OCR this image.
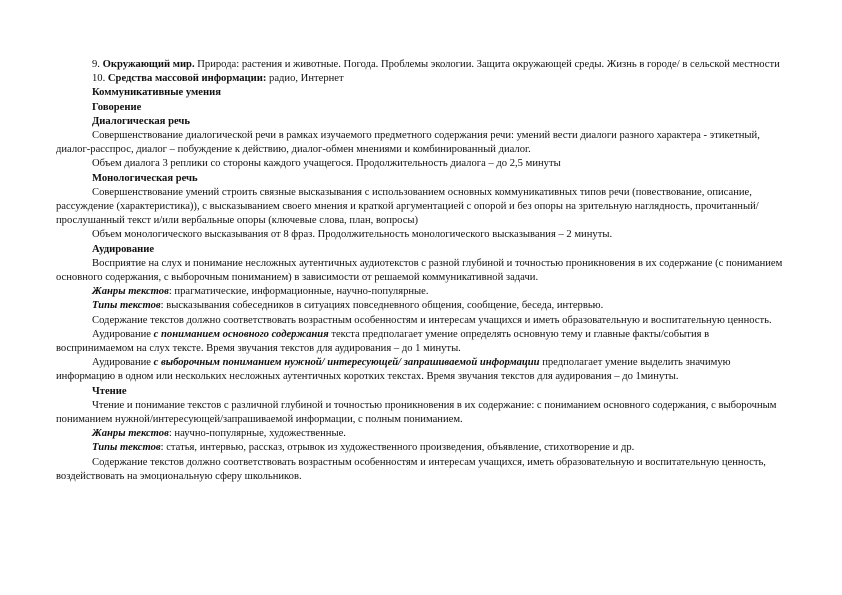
9. Окружающий мир. Природа: растения и животные. Погода. Проблемы экологии. Защита окружающей среды. Жизнь в городе/ в сельской местности

10. Средства массовой информации: радио, Интернет

Коммуникативные умения

Говорение

Диалогическая речь

Совершенствование диалогической речи в рамках изучаемого предметного содержания речи: умений вести диалоги разного характера - этикетный, диалог-расспрос, диалог – побуждение к действию, диалог-обмен мнениями и комбинированный диалог.

Объем диалога 3 реплики со стороны каждого учащегося. Продолжительность диалога – до 2,5 минуты

Монологическая речь

Совершенствование умений строить связные высказывания с использованием основных коммуникативных типов речи (повествование, описание, рассуждение (характеристика)), с высказыванием своего мнения и краткой аргументацией с опорой и без опоры на зрительную наглядность, прочитанный/прослушанный текст и/или вербальные опоры (ключевые слова, план, вопросы)

Объем монологического высказывания от 8 фраз. Продолжительность монологического высказывания – 2 минуты.

Аудирование

Восприятие на слух и понимание несложных аутентичных аудиотекстов с разной глубиной и точностью проникновения в их содержание (с пониманием основного содержания, с выборочным пониманием) в зависимости от решаемой коммуникативной задачи.

Жанры текстов: прагматические, информационные, научно-популярные.

Типы текстов: высказывания собеседников в ситуациях повседневного общения, сообщение, беседа, интервью.

Содержание текстов должно соответствовать возрастным особенностям и интересам учащихся и иметь образовательную и воспитательную ценность.

Аудирование с пониманием основного содержания текста предполагает умение определять основную тему и главные факты/события в воспринимаемом на слух тексте. Время звучания текстов для аудирования – до 1 минуты.

Аудирование с выборочным пониманием нужной/ интересующей/ запрашиваемой информации предполагает умение выделить значимую информацию в одном или нескольких несложных аутентичных коротких текстах. Время звучания текстов для аудирования – до 1минуты.

Чтение

Чтение и понимание текстов с различной глубиной и точностью проникновения в их содержание: с пониманием основного содержания, с выборочным пониманием нужной/интересующей/запрашиваемой информации, с полным пониманием.

Жанры текстов: научно-популярные, художественные.

Типы текстов: статья, интервью, рассказ, отрывок из художественного произведения, объявление, стихотворение и др.

Содержание текстов должно соответствовать возрастным особенностям и интересам учащихся, иметь образовательную и воспитательную ценность, воздействовать на эмоциональную сферу школьников.
